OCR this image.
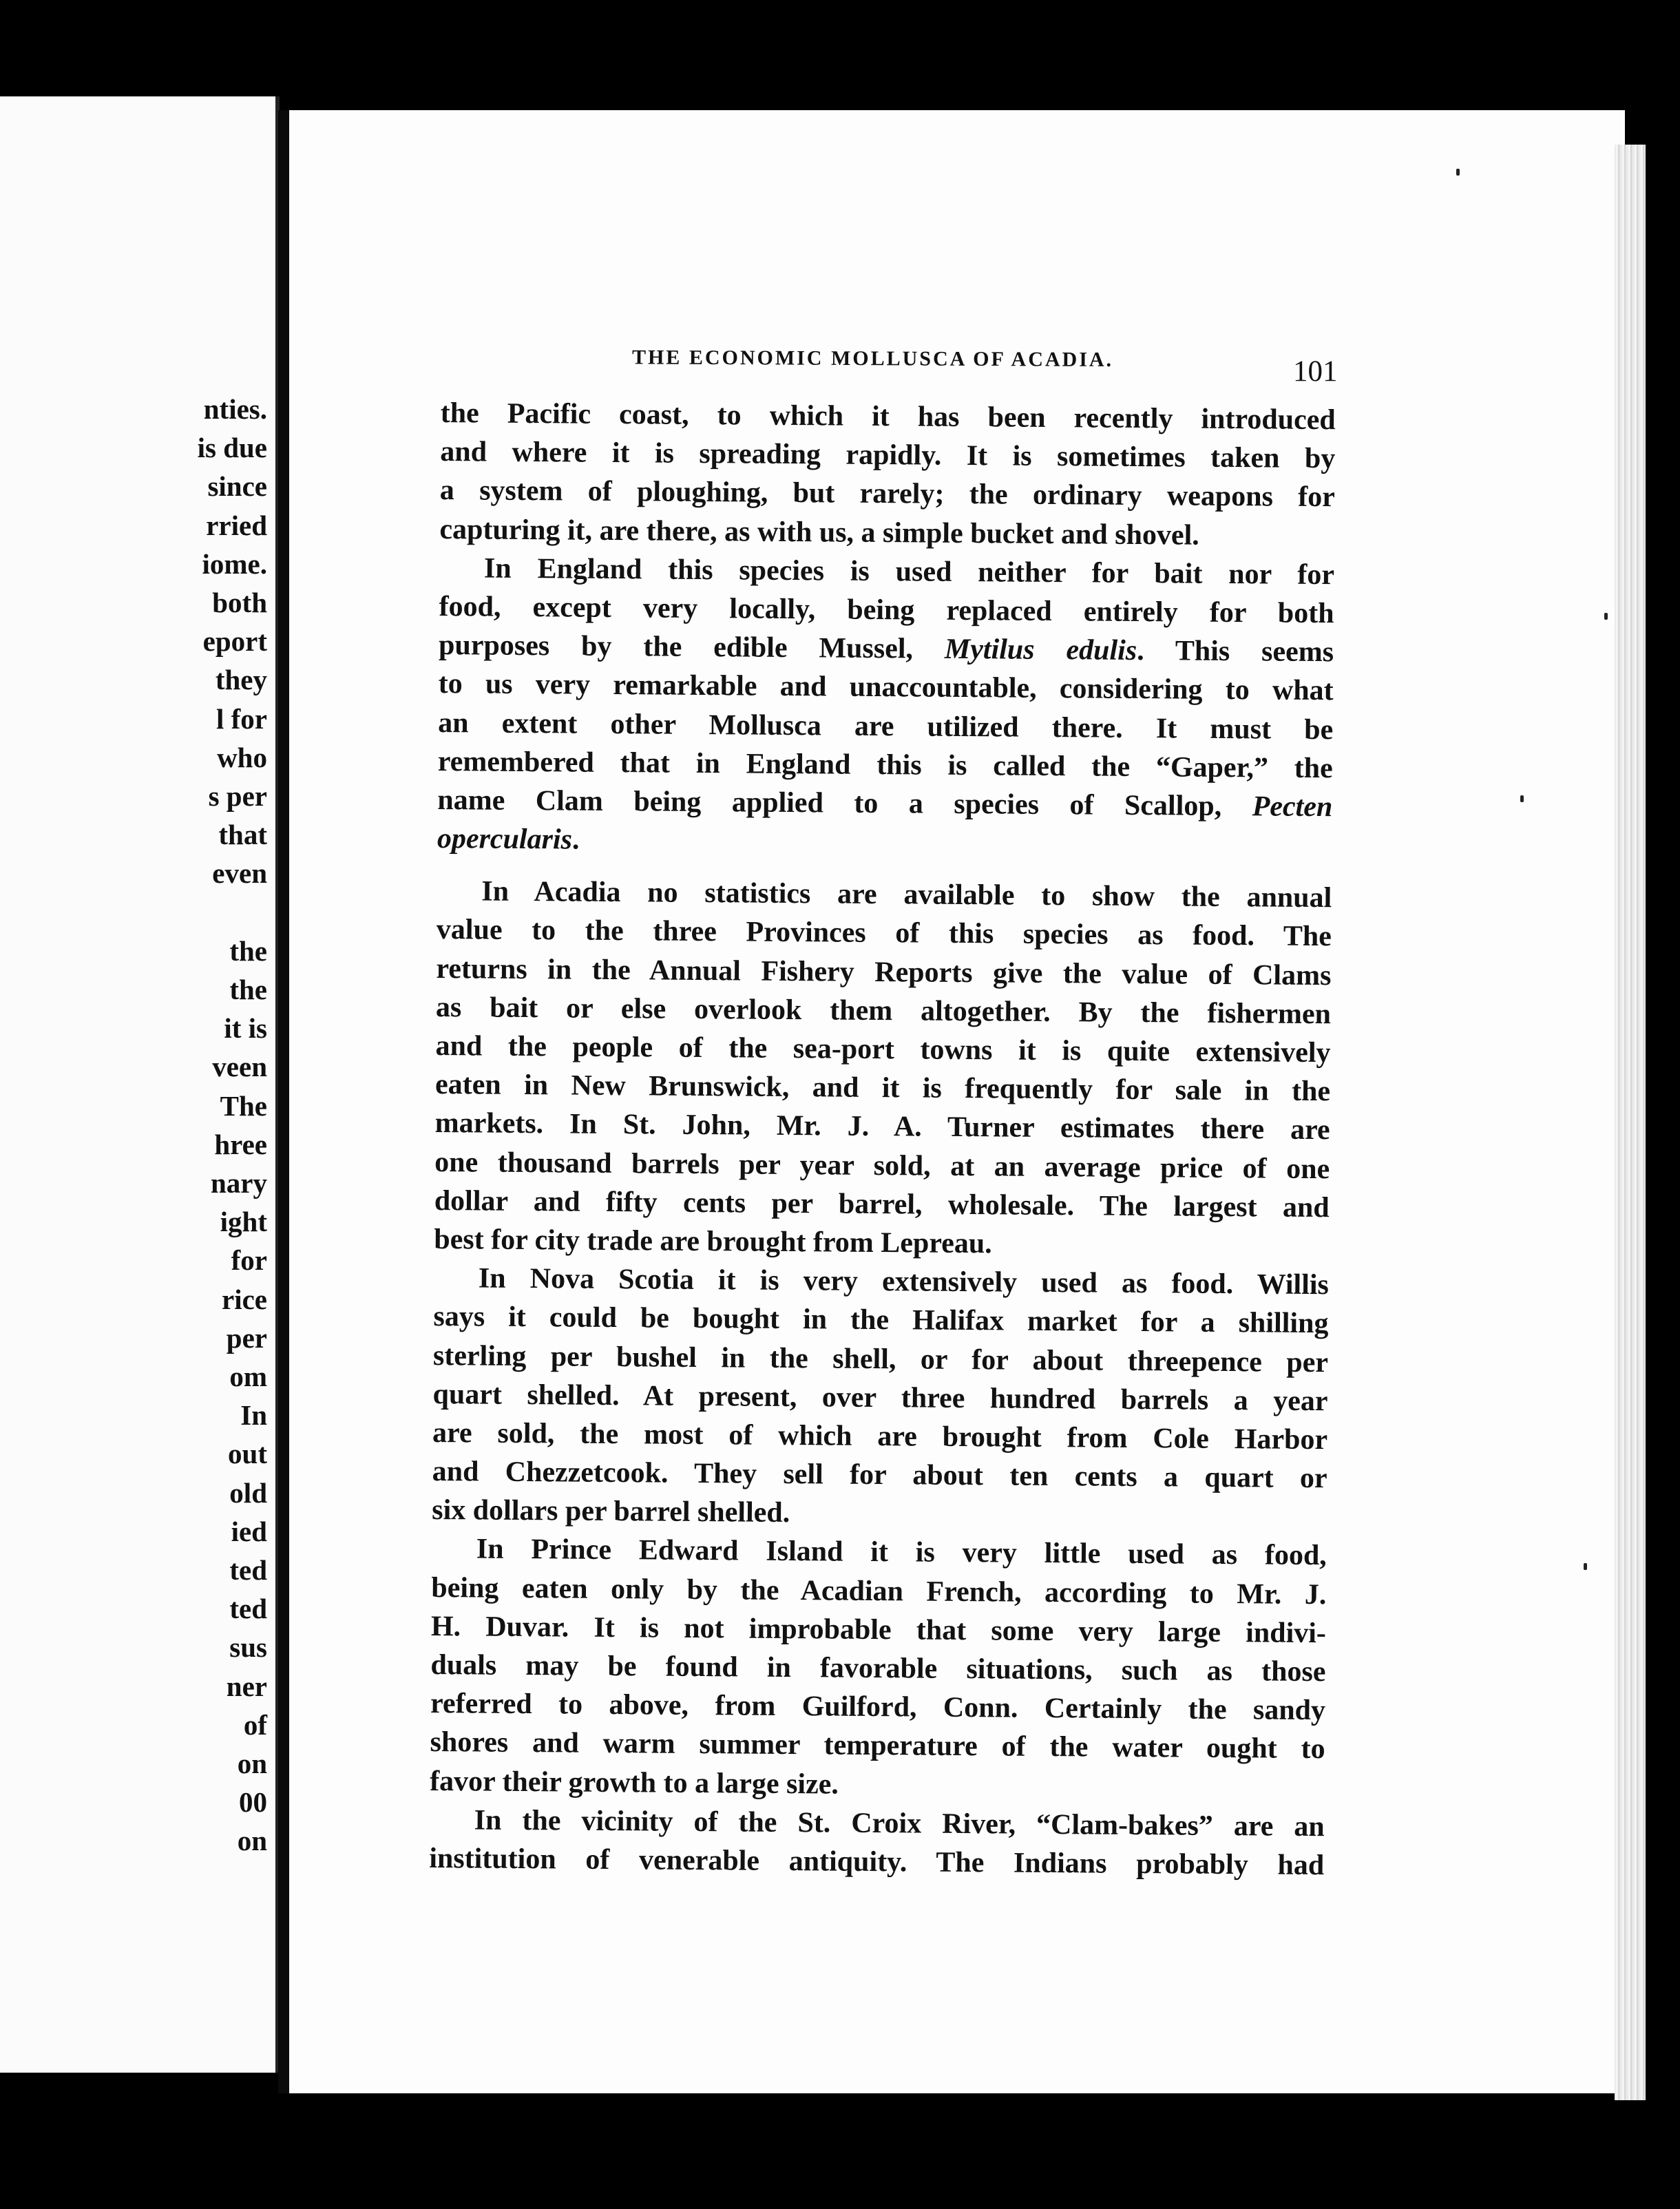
nties.
is due
since
rried
iome.
both
eport
they
l for
who
s per
that
even
the
the
it is
veen
The
hree
nary
ight
for
rice
per
om
In
out
old
ied
ted
ted
sus
ner
of
on
00
on
THE ECONOMIC MOLLUSCA OF ACADIA.	101
the Pacific coast, to which it has been recently introduced
and where it is spreading rapidly. It is sometimes taken by
a system of ploughing, but rarely; the ordinary weapons for
capturing it, are there, as with us, a simple bucket and shovel.
In England this species is used neither for bait nor for
food, except very locally, being replaced entirely for both
purposes by the edible Mussel, Mytilus edulis. This seems
to us very remarkable and unaccountable, considering to what
an extent other Mollusca are utilized there. It must be
remembered that in England this is called the “Gaper,” the
name Clam being applied to a species of Scallop, Pecten
opercularis.
In Acadia no statistics are available to show the annual
value to the three Provinces of this species as food. The
returns in the Annual Fishery Reports give the value of Clams
as bait or else overlook them altogether. By the fishermen
and the people of the sea-port towns it is quite extensively
eaten in New Brunswick, and it is frequently for sale in the
markets. In St. John, Mr. J. A. Turner estimates there are
one thousand barrels per year sold, at an average price of one
dollar and fifty cents per barrel, wholesale. The largest and
best for city trade are brought from Lepreau.
In Nova Scotia it is very extensively used as food. Willis
says it could be bought in the Halifax market for a shilling
sterling per bushel in the shell, or for about threepence per
quart shelled. At present, over three hundred barrels a year
are sold, the most of which are brought from Cole Harbor
and Chezzetcook. They sell for about ten cents a quart or
six dollars per barrel shelled.
In Prince Edward Island it is very little used as food,
being eaten only by the Acadian French, according to Mr. J.
H. Duvar. It is not improbable that some very large indivi-
duals may be found in favorable situations, such as those
referred to above, from Guilford, Conn. Certainly the sandy
shores and warm summer temperature of the water ought to
favor their growth to a large size.
In the vicinity of the St. Croix River, “Clam-bakes” are an
institution of venerable antiquity. The Indians probably had
